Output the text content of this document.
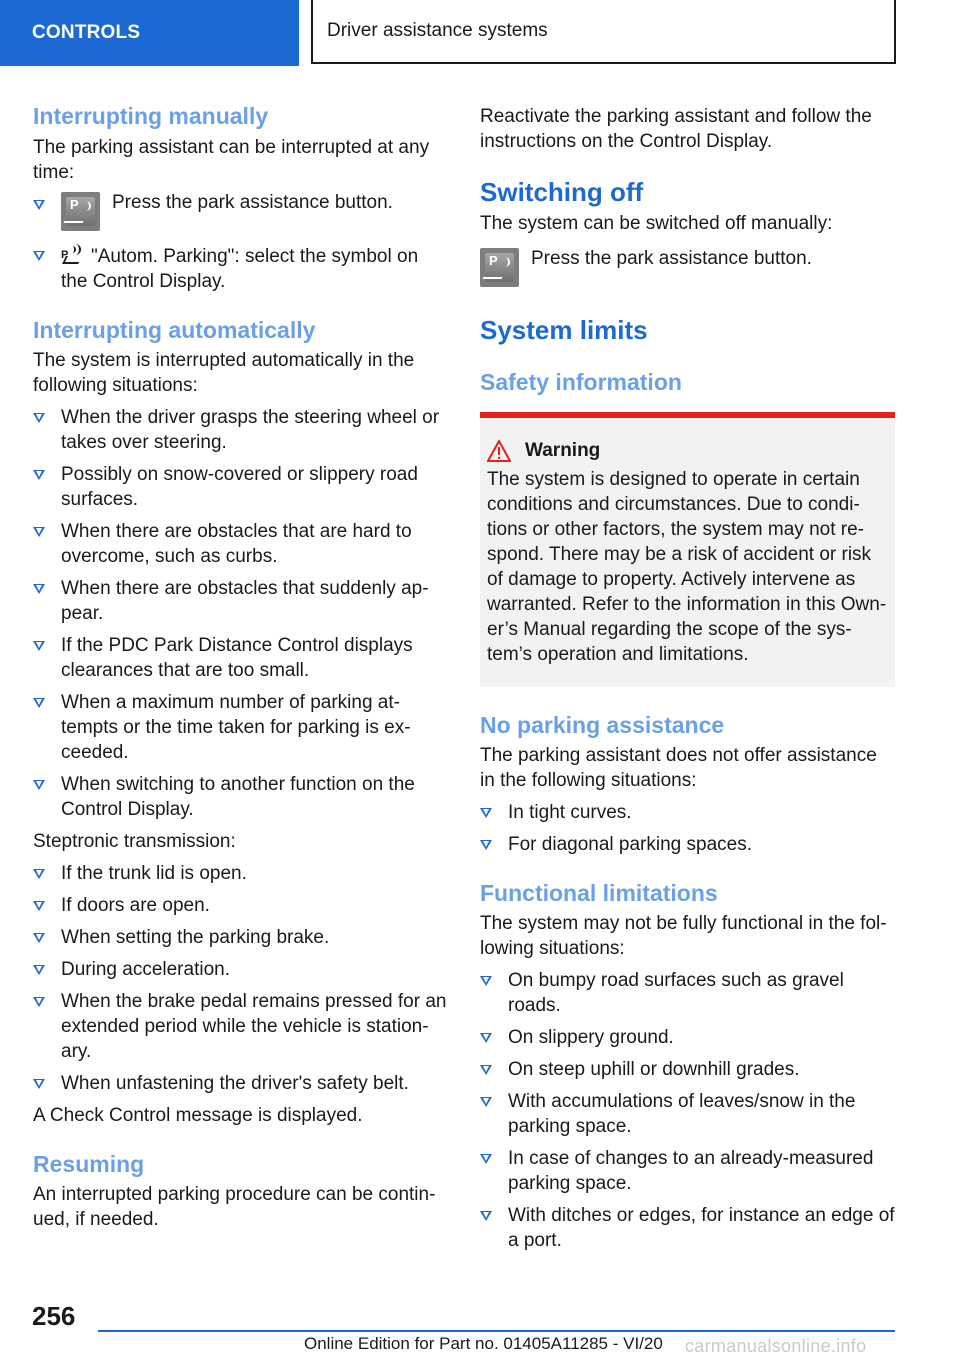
CONTROLS	Driver assistance systems
Interrupting manually

The parking assistant can be interrupted at any time:

P Press the park assistance button.
P "Autom. Parking": select the symbol on the Control Display.
Interrupting automatically

The system is interrupted automatically in the following situations:

When the driver grasps the steering wheel or takes over steering.
Possibly on snow-covered or slippery road surfaces.
When there are obstacles that are hard to overcome, such as curbs.
When there are obstacles that suddenly ap‐pear.
If the PDC Park Distance Control displays clearances that are too small.
When a maximum number of parking at‐tempts or the time taken for parking is ex‐ceeded.
When switching to another function on the Control Display.

Steptronic transmission:

If the trunk lid is open.
If doors are open.
When setting the parking brake.
During acceleration.
When the brake pedal remains pressed for an extended period while the vehicle is station‐ary.
When unfastening the driver's safety belt.

A Check Control message is displayed.

Resuming

An interrupted parking procedure can be contin‐ued, if needed.

Reactivate the parking assistant and follow the instructions on the Control Display.

Switching off

The system can be switched off manually:

P Press the park assistance button.
System limits
Safety information
Warning

The system is designed to operate in certain conditions and circumstances. Due to condi‐tions or other factors, the system may not re‐spond. There may be a risk of accident or risk of damage to property. Actively intervene as warranted. Refer to the information in this Own‐er’s Manual regarding the scope of the sys‐tem’s operation and limitations.

No parking assistance

The parking assistant does not offer assistance in the following situations:

In tight curves.
For diagonal parking spaces.
Functional limitations

The system may not be fully functional in the fol‐lowing situations:

On bumpy road surfaces such as gravel roads.
On slippery ground.
On steep uphill or downhill grades.
With accumulations of leaves/snow in the parking space.
In case of changes to an already-measured parking space.
With ditches or edges, for instance an edge of a port.
256
Online Edition for Part no. 01405A11285 - VI/20 carmanualsonline.info
